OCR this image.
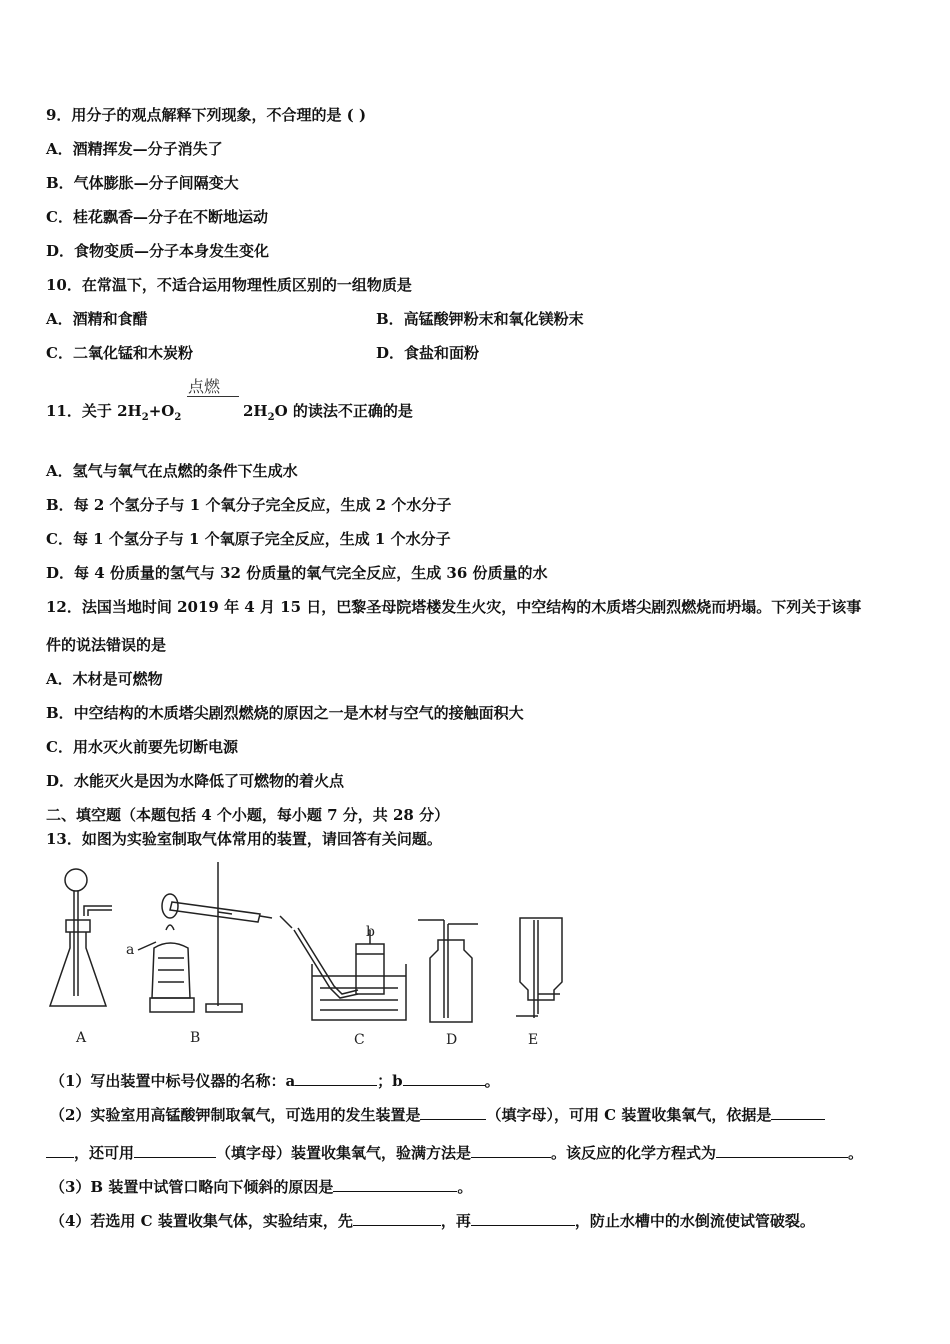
9．用分子的观点解释下列现象，不合理的是 ( )
A．酒精挥发—分子消失了
B．气体膨胀—分子间隔变大
C．桂花飘香—分子在不断地运动
D．食物变质—分子本身发生变化
10．在常温下，不适合运用物理性质区别的一组物质是
A．酒精和食醋	B．高锰酸钾粉末和氧化镁粉末
C．二氧化锰和木炭粉	D．食盐和面粉
点燃
11．关于 $2H_2+O_2$	$2H_2O$ 的读法不正确的是
A．氢气与氧气在点燃的条件下生成水
B．每 2 个氢分子与 1 个氧分子完全反应，生成 2 个水分子
C．每 1 个氢分子与 1 个氧原子完全反应，生成 1 个水分子
D．每 4 份质量的氢气与 32 份质量的氧气完全反应，生成 36 份质量的水
12．法国当地时间 2019 年 4 月 15 日，巴黎圣母院塔楼发生火灾，中空结构的木质塔尖剧烈燃烧而坍塌。下列关于该事
件的说法错误的是
A．木材是可燃物
B．中空结构的木质塔尖剧烈燃烧的原因之一是木材与空气的接触面积大
C．用水灭火前要先切断电源
D．水能灭火是因为水降低了可燃物的着火点
二、填空题（本题包括 4 个小题，每小题 7 分，共 28 分）
13．如图为实验室制取气体常用的装置，请回答有关问题。
a
b
A	B	C	D	E
（1）写出装置中标号仪器的名称：a	；b	。
（2）实验室用高锰酸钾制取氧气，可选用的发生装置是	（填字母），可用 C 装置收集氧气，依据是
，还可用	（填字母）装置收集氧气，验满方法是	。该反应的化学方程式为	。
（3）B 装置中试管口略向下倾斜的原因是	。
（4）若选用 C 装置收集气体，实验结束，先	，再	，防止水槽中的水倒流使试管破裂。
